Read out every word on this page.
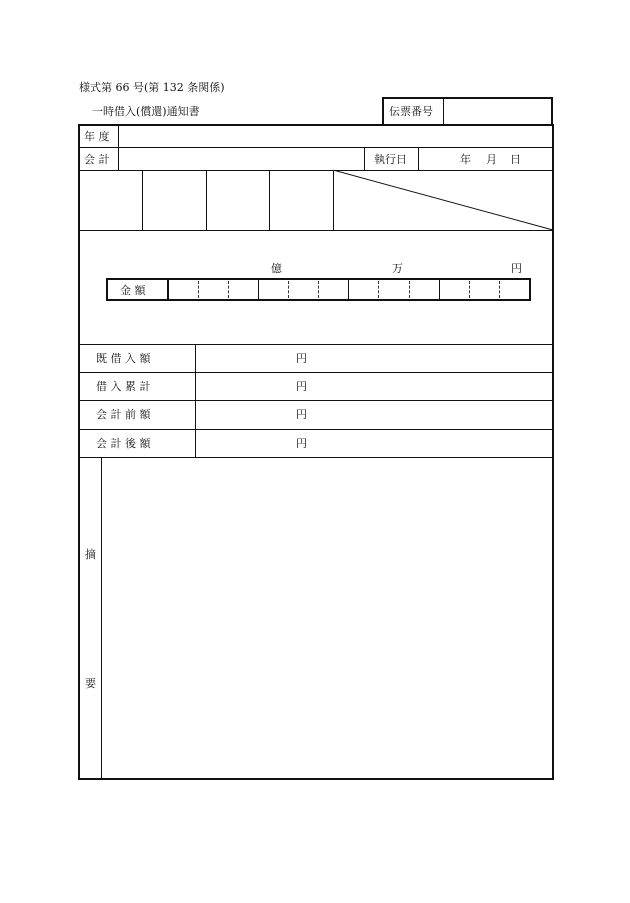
様式第 66 号(第 132 条関係)
一時借入(償還)通知書	伝票番号
年 度
会 計	執行日	年 月 日
億	万	円
金 額
既 借 入 額	円
借 入 累 計	円
会 計 前 額	円
会 計 後 額	円
摘
要
